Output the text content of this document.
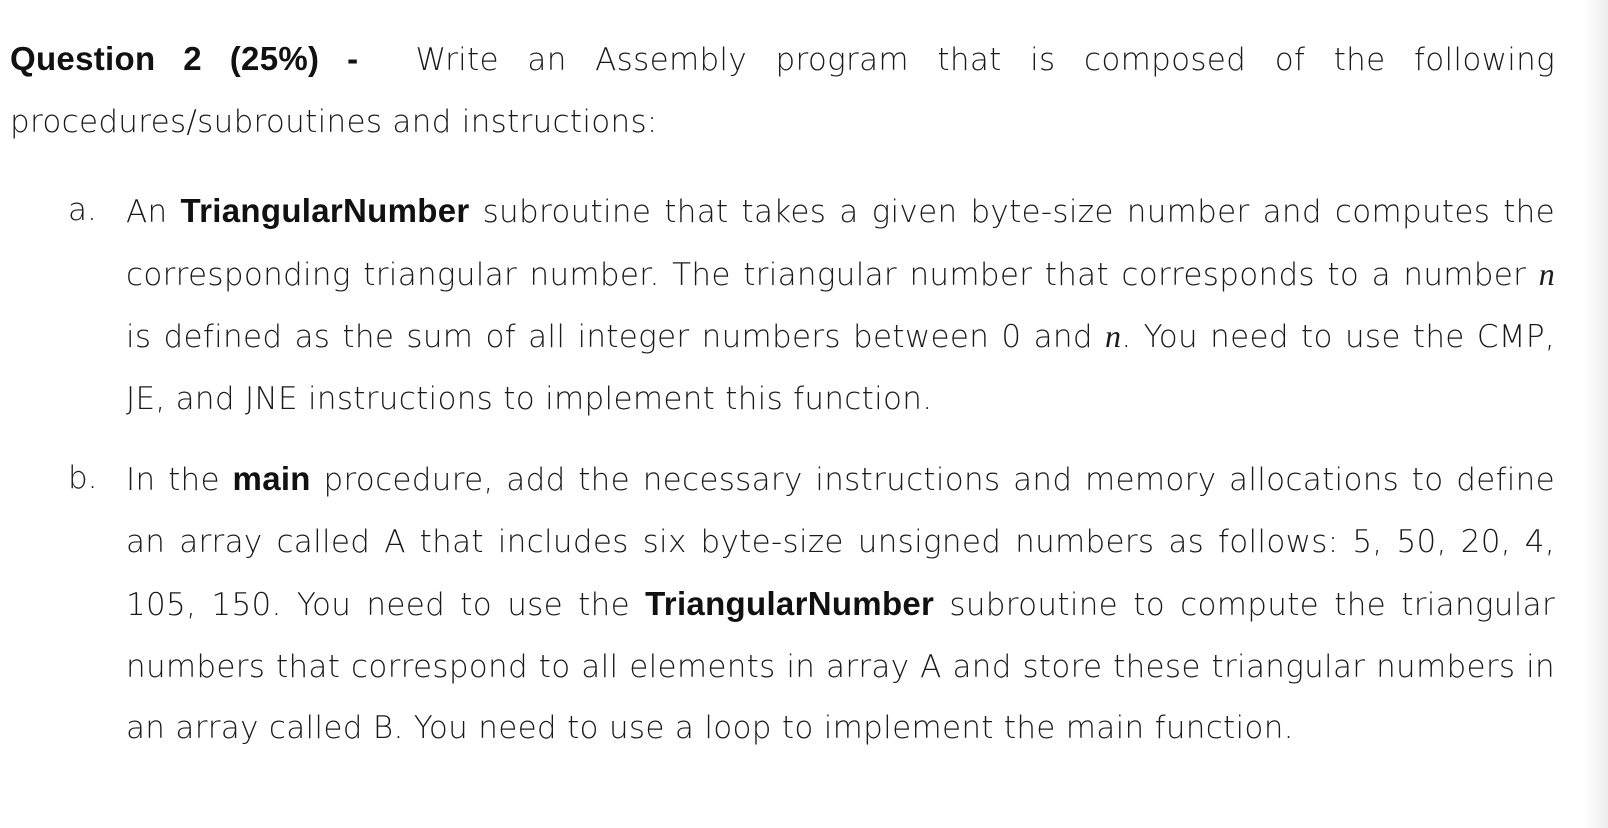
Question 2 (25%) - Write an Assembly program that is composed of the following procedures/subroutines and instructions:

a. An TriangularNumber subroutine that takes a given byte-size number and computes the corresponding triangular number. The triangular number that corresponds to a number n is defined as the sum of all integer numbers between 0 and n. You need to use the CMP, JE, and JNE instructions to implement this function.
b. In the main procedure, add the necessary instructions and memory allocations to define an array called A that includes six byte-size unsigned numbers as follows: 5, 50, 20, 4, 105, 150. You need to use the TriangularNumber subroutine to compute the triangular numbers that correspond to all elements in array A and store these triangular numbers in an array called B. You need to use a loop to implement the main function.
